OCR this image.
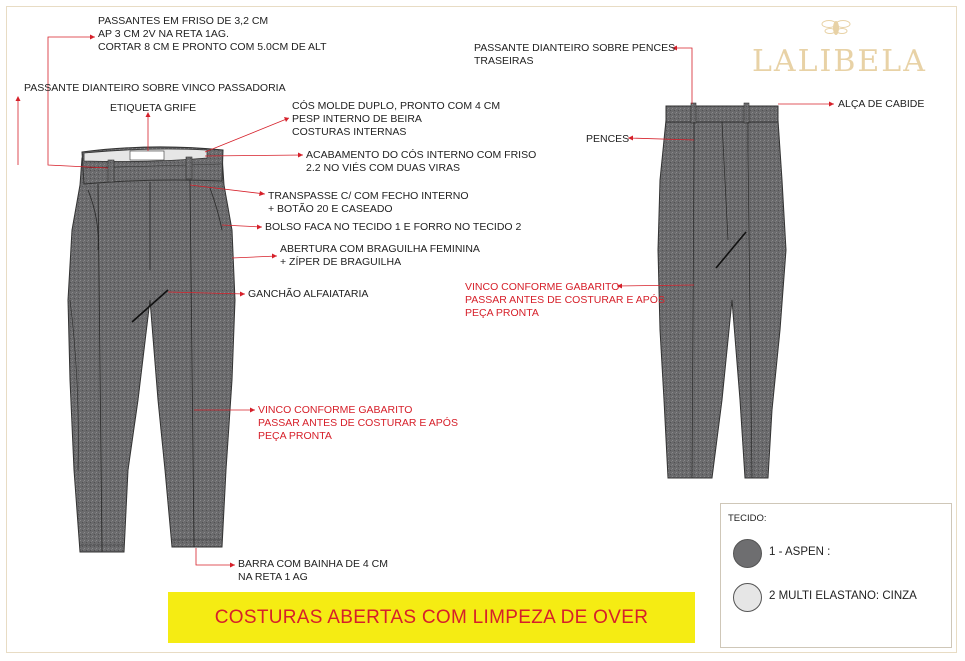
LALIBELA
PASSANTES EM FRISO DE 3,2 CM
AP 3 CM 2V NA RETA 1AG.
CORTAR 8 CM E PRONTO COM 5.0CM DE ALT
PASSANTE DIANTEIRO SOBRE VINCO PASSADORIA
ETIQUETA GRIFE	CÓS MOLDE DUPLO, PRONTO COM 4 CM
PESP INTERNO DE BEIRA
COSTURAS INTERNAS
ACABAMENTO DO CÓS INTERNO COM FRISO
2.2 NO VIÉS COM DUAS VIRAS
TRANSPASSE C/ COM FECHO INTERNO
+ BOTÃO 20 E CASEADO
BOLSO FACA NO TECIDO 1 E FORRO NO TECIDO 2
ABERTURA COM BRAGUILHA FEMININA
+ ZÍPER DE BRAGUILHA
GANCHÃO ALFAIATARIA
VINCO CONFORME GABARITO
PASSAR ANTES DE COSTURAR E APÓS
PEÇA PRONTA
BARRA COM BAINHA DE 4 CM
NA RETA 1 AG
PASSANTE DIANTEIRO SOBRE PENCES
TRASEIRAS
ALÇA DE CABIDE
PENCES
VINCO CONFORME GABARITO
PASSAR ANTES DE COSTURAR E APÓS
PEÇA PRONTA
COSTURAS ABERTAS COM LIMPEZA DE OVER
TECIDO:
1 - ASPEN :
2 MULTI ELASTANO: CINZA
